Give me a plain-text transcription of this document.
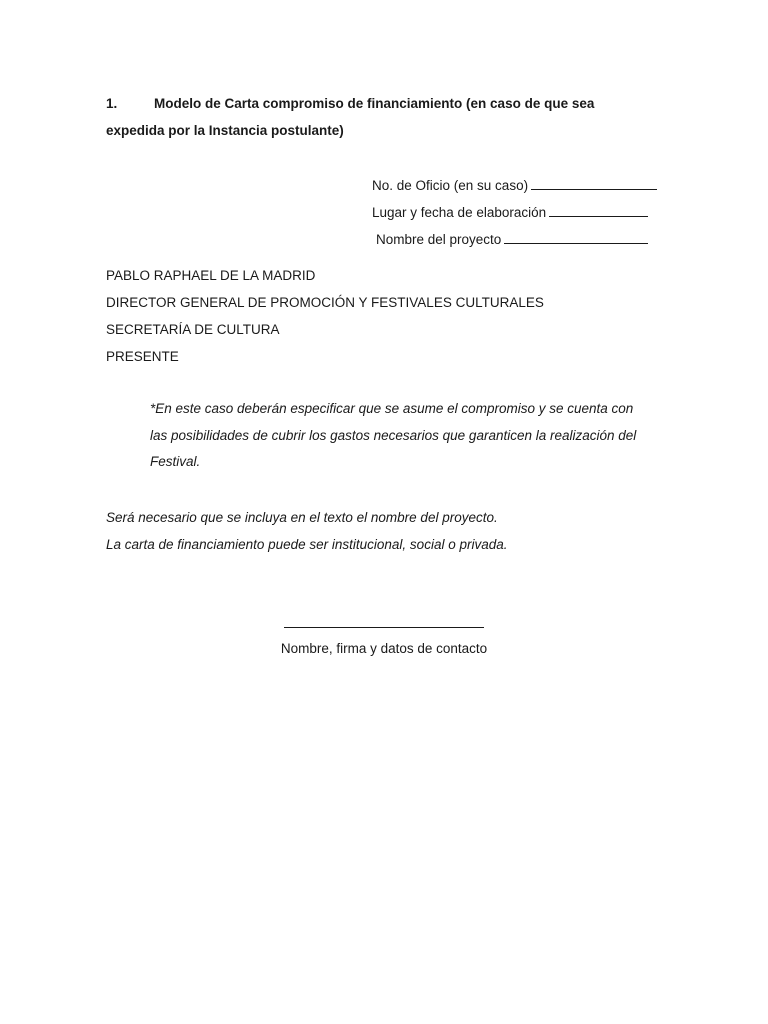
1.	Modelo de Carta compromiso de financiamiento (en caso de que sea expedida por la Instancia postulante)
No. de Oficio (en su caso)
Lugar y fecha de elaboración
Nombre del proyecto
PABLO RAPHAEL DE LA MADRID
DIRECTOR GENERAL DE PROMOCIÓN Y FESTIVALES CULTURALES
SECRETARÍA DE CULTURA
PRESENTE
*En este caso deberán especificar que se asume el compromiso y se cuenta con las posibilidades de cubrir los gastos necesarios que garanticen la realización del Festival.
Será necesario que se incluya en el texto el nombre del proyecto.
La carta de financiamiento puede ser institucional, social o privada.
Nombre, firma y datos de contacto
